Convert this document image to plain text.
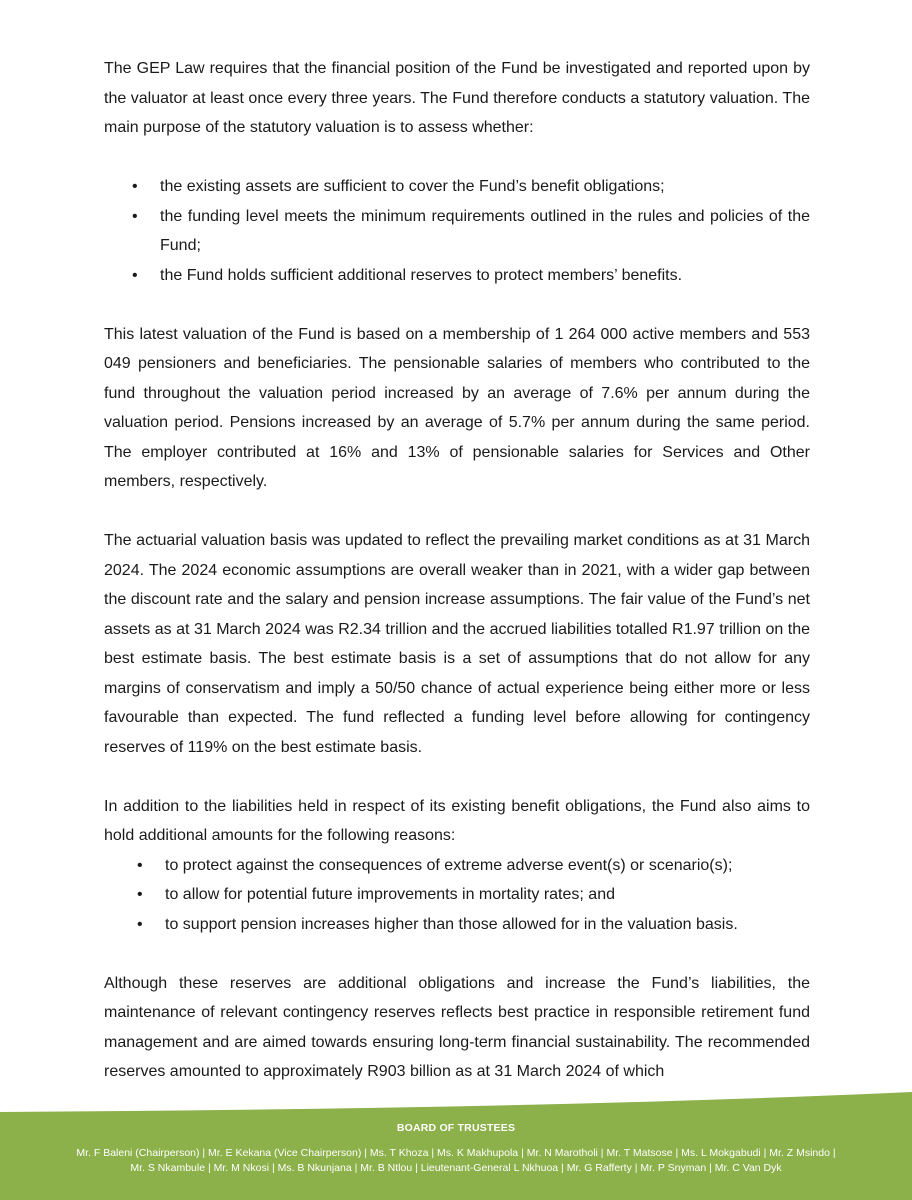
The GEP Law requires that the financial position of the Fund be investigated and reported upon by the valuator at least once every three years. The Fund therefore conducts a statutory valuation. The main purpose of the statutory valuation is to assess whether:

• the existing assets are sufficient to cover the Fund’s benefit obligations;
• the funding level meets the minimum requirements outlined in the rules and policies of the Fund;
• the Fund holds sufficient additional reserves to protect members’ benefits.

This latest valuation of the Fund is based on a membership of 1 264 000 active members and 553 049 pensioners and beneficiaries. The pensionable salaries of members who contributed to the fund throughout the valuation period increased by an average of 7.6% per annum during the valuation period. Pensions increased by an average of 5.7% per annum during the same period. The employer contributed at 16% and 13% of pensionable salaries for Services and Other members, respectively.

The actuarial valuation basis was updated to reflect the prevailing market conditions as at 31 March 2024. The 2024 economic assumptions are overall weaker than in 2021, with a wider gap between the discount rate and the salary and pension increase assumptions. The fair value of the Fund’s net assets as at 31 March 2024 was R2.34 trillion and the accrued liabilities totalled R1.97 trillion on the best estimate basis. The best estimate basis is a set of assumptions that do not allow for any margins of conservatism and imply a 50/50 chance of actual experience being either more or less favourable than expected. The fund reflected a funding level before allowing for contingency reserves of 119% on the best estimate basis.

In addition to the liabilities held in respect of its existing benefit obligations, the Fund also aims to hold additional amounts for the following reasons:

• to protect against the consequences of extreme adverse event(s) or scenario(s);
• to allow for potential future improvements in mortality rates; and
• to support pension increases higher than those allowed for in the valuation basis.

Although these reserves are additional obligations and increase the Fund’s liabilities, the maintenance of relevant contingency reserves reflects best practice in responsible retirement fund management and are aimed towards ensuring long-term financial sustainability. The recommended reserves amounted to approximately R903 billion as at 31 March 2024 of which

BOARD OF TRUSTEES
Mr. F Baleni (Chairperson) | Mr. E Kekana (Vice Chairperson) | Ms. T Khoza | Ms. K Makhupola | Mr. N Marotholi | Mr. T Matsose | Ms. L Mokgabudi | Mr. Z Msindo |
Mr. S Nkambule | Mr. M Nkosi | Ms. B Nkunjana | Mr. B Ntlou | Lieutenant-General L Nkhuoa | Mr. G Rafferty | Mr. P Snyman | Mr. C Van Dyk
